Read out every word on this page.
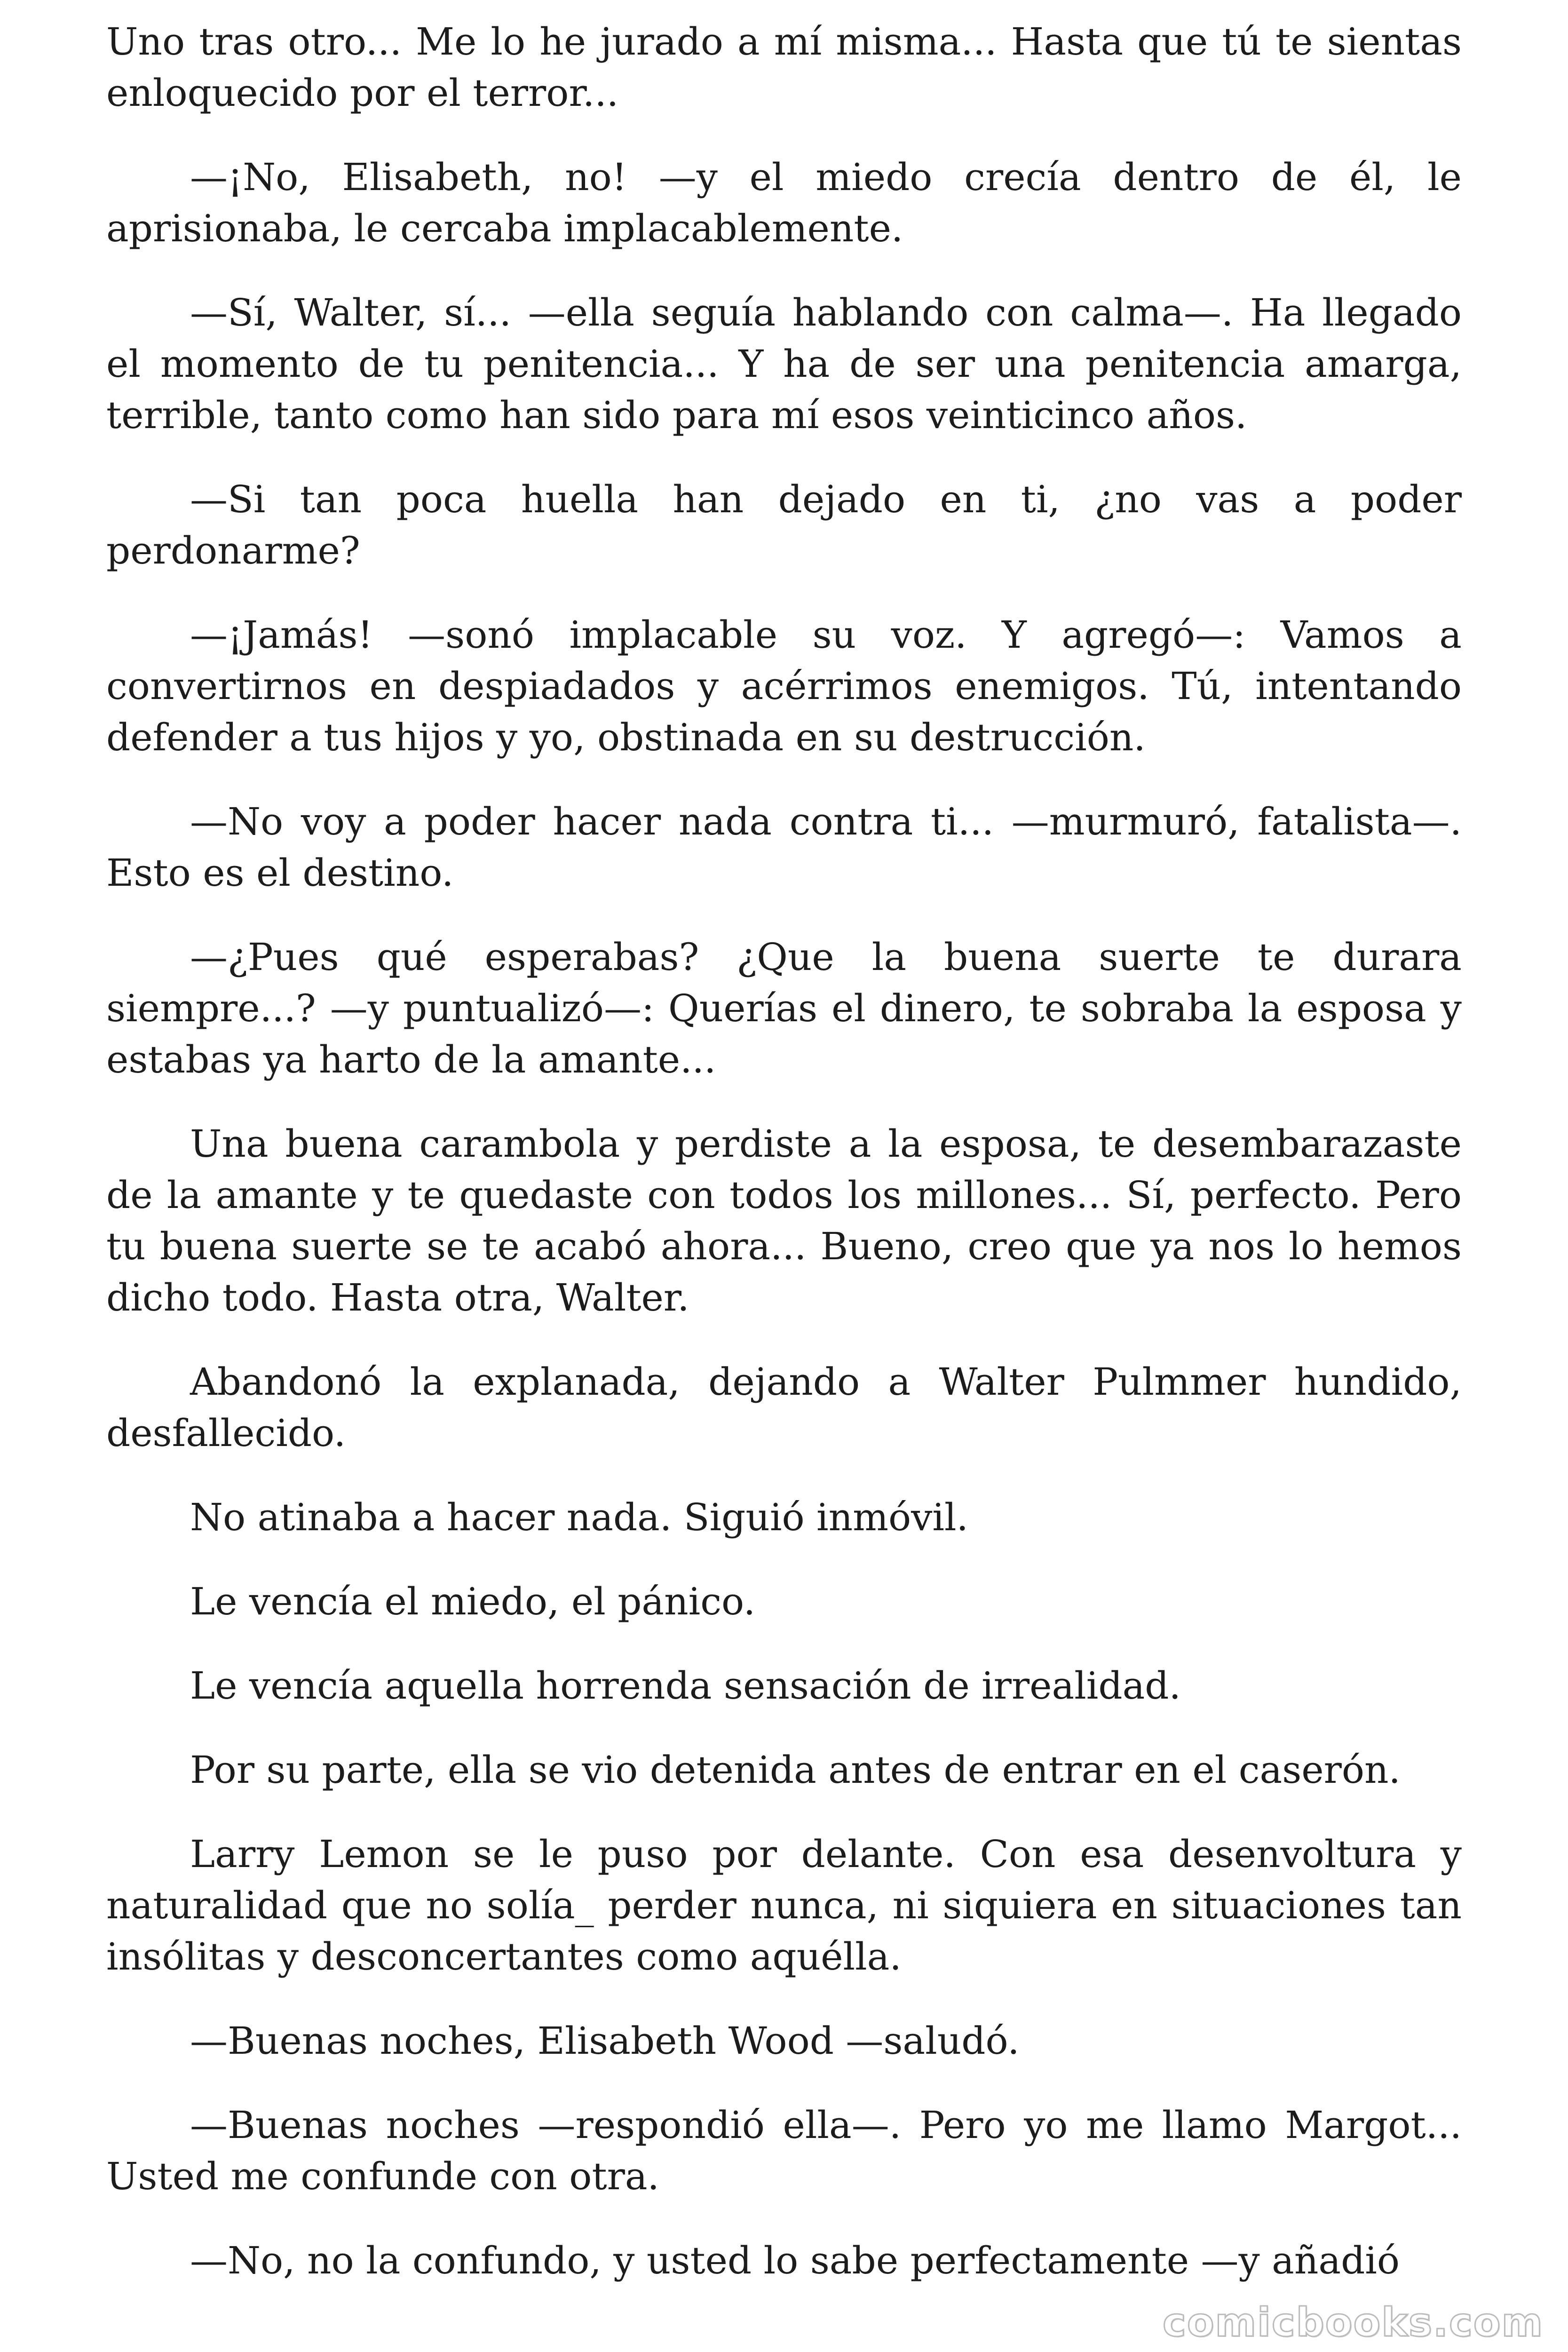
Uno tras otro... Me lo he jurado a mí misma... Hasta que tú te sientas enloquecido por el terror...

—¡No, Elisabeth, no! —y el miedo crecía dentro de él, le aprisionaba, le cercaba implacablemente.

—Sí, Walter, sí... —ella seguía hablando con calma—. Ha llegado el momento de tu penitencia... Y ha de ser una penitencia amarga, terrible, tanto como han sido para mí esos veinticinco años.

—Si tan poca huella han dejado en ti, ¿no vas a poder perdonarme?

—¡Jamás! —sonó implacable su voz. Y agregó—: Vamos a convertirnos en despiadados y acérrimos enemigos. Tú, intentando defender a tus hijos y yo, obstinada en su destrucción.

—No voy a poder hacer nada contra ti... —murmuró, fatalista—. Esto es el destino.

—¿Pues qué esperabas? ¿Que la buena suerte te durara siempre...? —y puntualizó—: Querías el dinero, te sobraba la esposa y estabas ya harto de la amante...

Una buena carambola y perdiste a la esposa, te desembarazaste de la amante y te quedaste con todos los millones... Sí, perfecto. Pero tu buena suerte se te acabó ahora... Bueno, creo que ya nos lo hemos dicho todo. Hasta otra, Walter.

Abandonó la explanada, dejando a Walter Pulmmer hundido, desfallecido.

No atinaba a hacer nada. Siguió inmóvil.

Le vencía el miedo, el pánico.

Le vencía aquella horrenda sensación de irrealidad.

Por su parte, ella se vio detenida antes de entrar en el caserón.

Larry Lemon se le puso por delante. Con esa desenvoltura y naturalidad que no solía_ perder nunca, ni siquiera en situaciones tan insólitas y desconcertantes como aquélla.

—Buenas noches, Elisabeth Wood —saludó.

—Buenas noches —respondió ella—. Pero yo me llamo Margot... Usted me confunde con otra.

—No, no la confundo, y usted lo sabe perfectamente —y añadió

comicbooks.com
